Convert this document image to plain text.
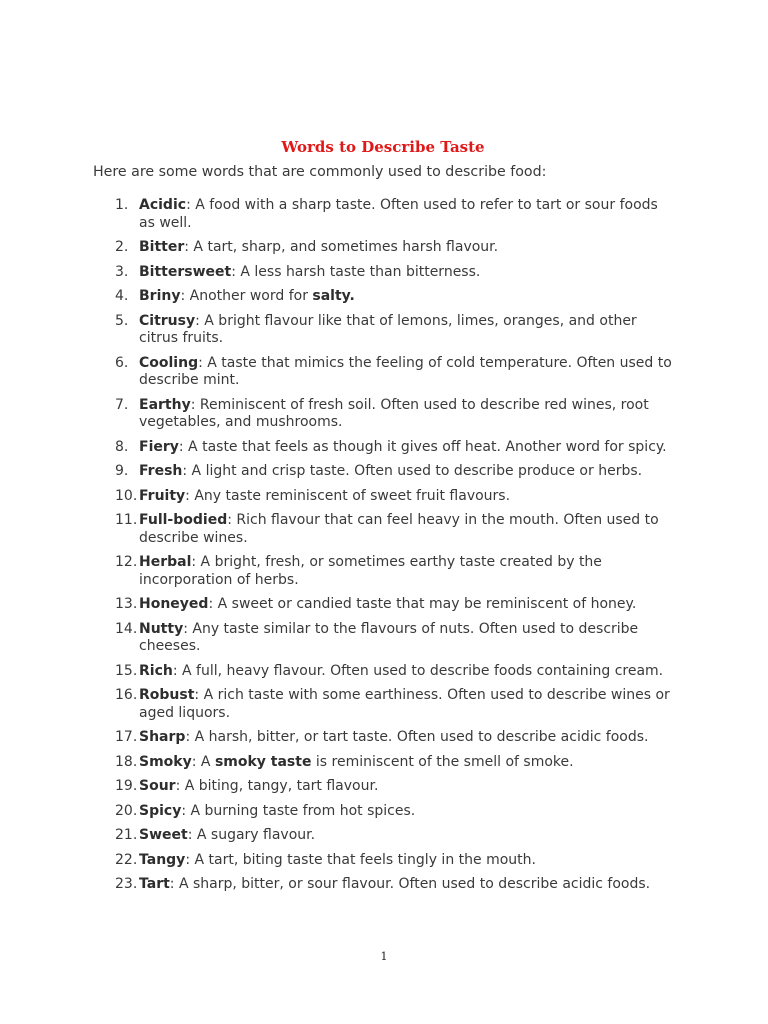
Words to Describe Taste

Here are some words that are commonly used to describe food:

1. Acidic: A food with a sharp taste. Often used to refer to tart or sour foods as well.
2. Bitter: A tart, sharp, and sometimes harsh flavour.
3. Bittersweet: A less harsh taste than bitterness.
4. Briny: Another word for salty.
5. Citrusy: A bright flavour like that of lemons, limes, oranges, and other citrus fruits.
6. Cooling: A taste that mimics the feeling of cold temperature. Often used to describe mint.
7. Earthy: Reminiscent of fresh soil. Often used to describe red wines, root vegetables, and mushrooms.
8. Fiery: A taste that feels as though it gives off heat. Another word for spicy.
9. Fresh: A light and crisp taste. Often used to describe produce or herbs.
10. Fruity: Any taste reminiscent of sweet fruit flavours.
11. Full-bodied: Rich flavour that can feel heavy in the mouth. Often used to describe wines.
12. Herbal: A bright, fresh, or sometimes earthy taste created by the incorporation of herbs.
13. Honeyed: A sweet or candied taste that may be reminiscent of honey.
14. Nutty: Any taste similar to the flavours of nuts. Often used to describe cheeses.
15. Rich: A full, heavy flavour. Often used to describe foods containing cream.
16. Robust: A rich taste with some earthiness. Often used to describe wines or aged liquors.
17. Sharp: A harsh, bitter, or tart taste. Often used to describe acidic foods.
18. Smoky: A smoky taste is reminiscent of the smell of smoke.
19. Sour: A biting, tangy, tart flavour.
20. Spicy: A burning taste from hot spices.
21. Sweet: A sugary flavour.
22. Tangy: A tart, biting taste that feels tingly in the mouth.
23. Tart: A sharp, bitter, or sour flavour. Often used to describe acidic foods.
1
